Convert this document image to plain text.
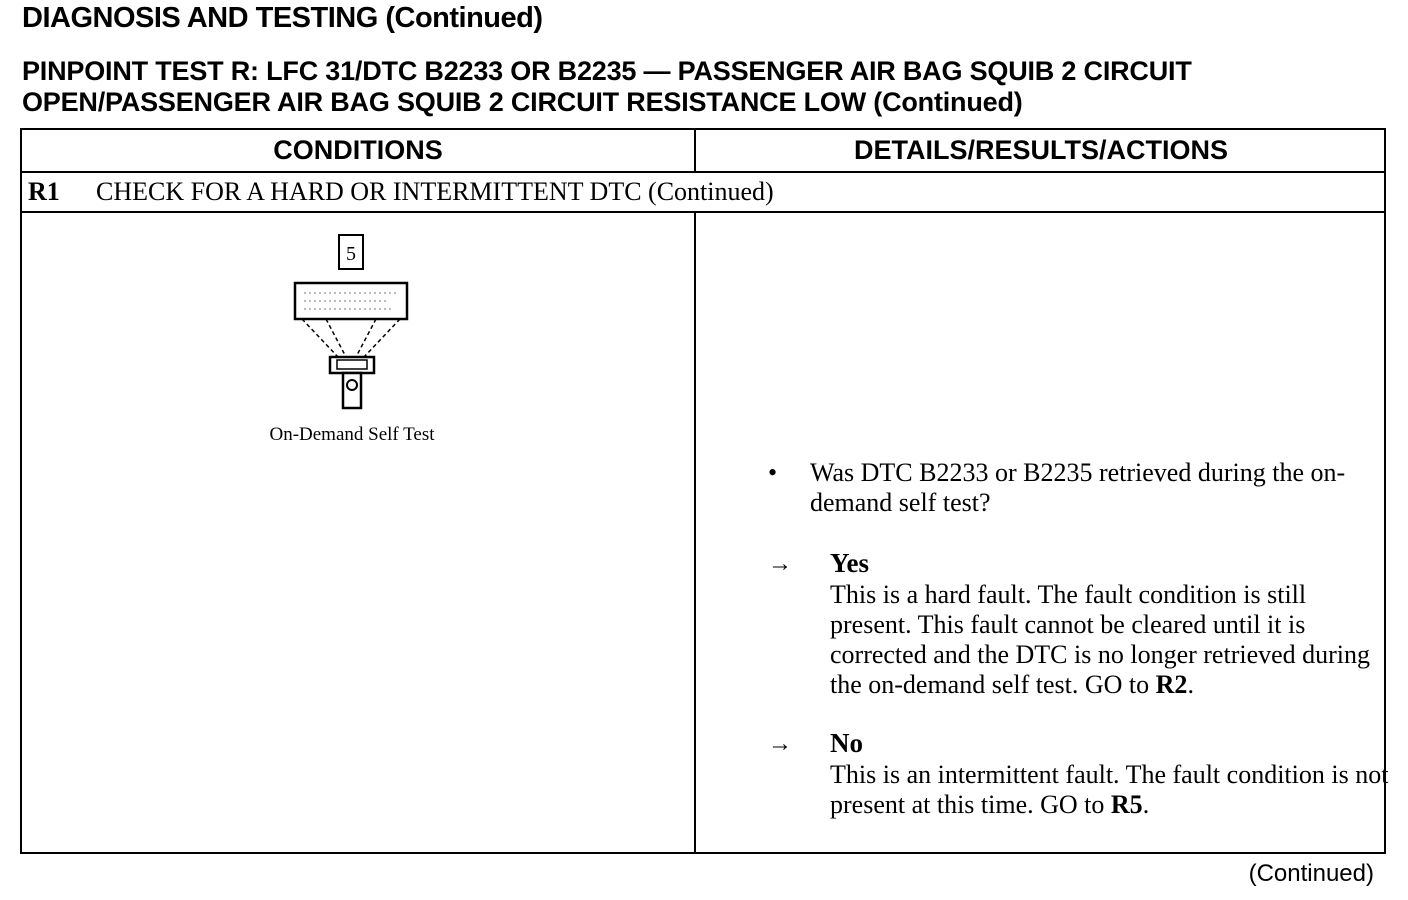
DIAGNOSIS AND TESTING (Continued)
PINPOINT TEST R: LFC 31/DTC B2233 OR B2235 — PASSENGER AIR BAG SQUIB 2 CIRCUIT
OPEN/PASSENGER AIR BAG SQUIB 2 CIRCUIT RESISTANCE LOW (Continued)
CONDITIONS	DETAILS/RESULTS/ACTIONS
R1 CHECK FOR A HARD OR INTERMITTENT DTC (Continued)
5
On-Demand Self Test
• Was DTC B2233 or B2235 retrieved during the on-demand self test?
→ Yes
This is a hard fault. The fault condition is still present. This fault cannot be cleared until it is corrected and the DTC is no longer retrieved during the on-demand self test. GO to R2.
→ No
This is an intermittent fault. The fault condition is not present at this time. GO to R5.
(Continued)
